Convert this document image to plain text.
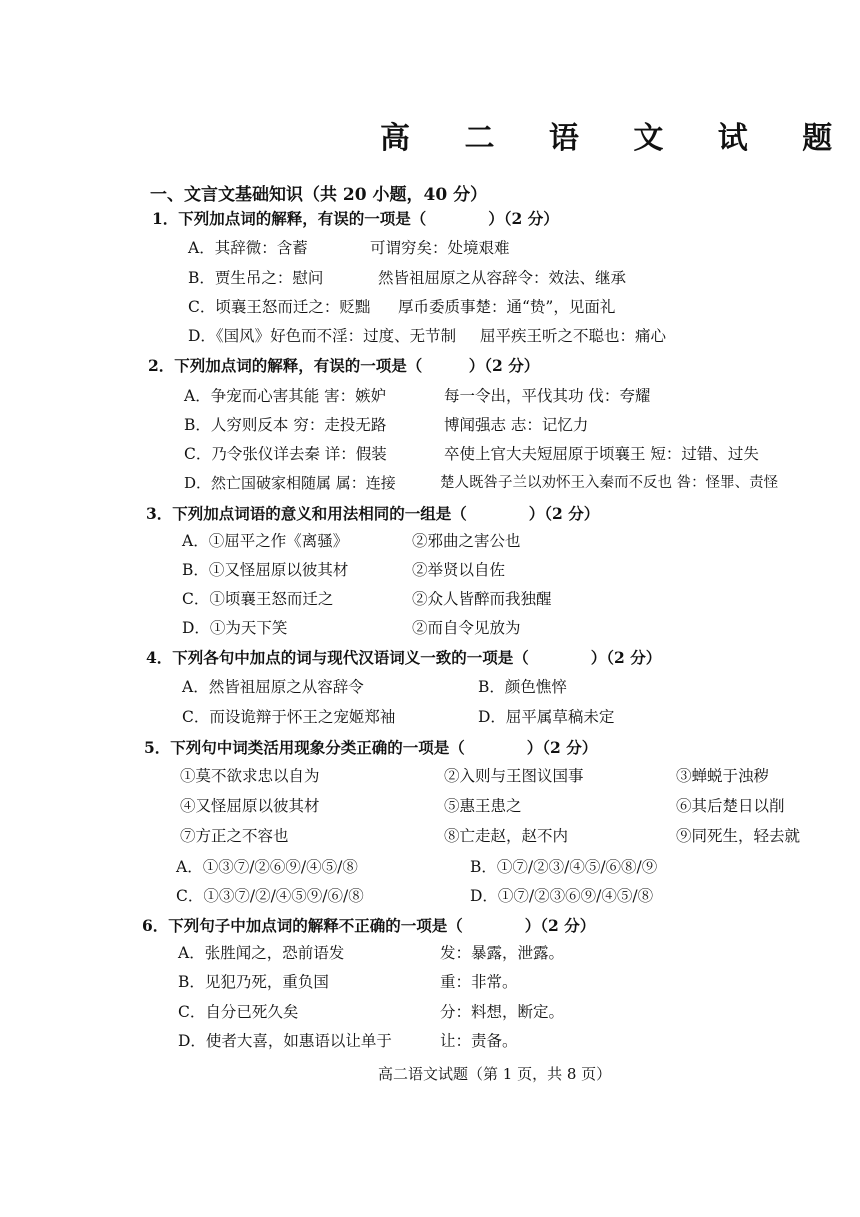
高 二 语 文 试 题
一、文言文基础知识（共 20 小题，40 分）
1．下列加点词的解释，有误的一项是（　　　　）（2 分）
A．其辞微：含蓄	可谓穷矣：处境艰难
B．贾生吊之：慰问	然皆祖屈原之从容辞令：效法、继承
C．顷襄王怒而迁之：贬黜 厚币委质事楚：通“贽”，见面礼
D．《国风》好色而不淫：过度、无节制 屈平疾王听之不聪也：痛心
2．下列加点词的解释，有误的一项是（　　　）（2 分）
A．争宠而心害其能 害：嫉妒	每一令出，平伐其功 伐：夸耀
B．人穷则反本 穷：走投无路	博闻强志 志：记忆力
C．乃令张仪详去秦 详：假装	卒使上官大夫短屈原于顷襄王 短：过错、过失
D．然亡国破家相随属 属：连接	楚人既咎子兰以劝怀王入秦而不反也 咎：怪罪、责怪
3．下列加点词语的意义和用法相同的一组是（　　　　）（2 分）
A．①屈平之作《离骚》	②邪曲之害公也
B．①又怪屈原以彼其材	②举贤以自佐
C．①顷襄王怒而迁之	②众人皆醉而我独醒
D．①为天下笑	②而自令见放为
4．下列各句中加点的词与现代汉语词义一致的一项是（　　　　）（2 分）
A．然皆祖屈原之从容辞令	B．颜色憔悴
C．而设诡辩于怀王之宠姬郑袖	D．屈平属草稿未定
5．下列句中词类活用现象分类正确的一项是（　　　　）（2 分）
①莫不欲求忠以自为	②入则与王图议国事	③蝉蜕于浊秽
④又怪屈原以彼其材	⑤惠王患之	⑥其后楚日以削
⑦方正之不容也	⑧亡走赵，赵不内	⑨同死生，轻去就
A．①③⑦/②⑥⑨/④⑤/⑧	B．①⑦/②③/④⑤/⑥⑧/⑨
C．①③⑦/②/④⑤⑨/⑥/⑧	D．①⑦/②③⑥⑨/④⑤/⑧
6．下列句子中加点词的解释不正确的一项是（　　　　）（2 分）
A．张胜闻之，恐前语发	发：暴露，泄露。
B．见犯乃死，重负国	重：非常。
C．自分已死久矣	分：料想，断定。
D．使者大喜，如惠语以让单于	让：责备。
高二语文试题（第 1 页，共 8 页）
